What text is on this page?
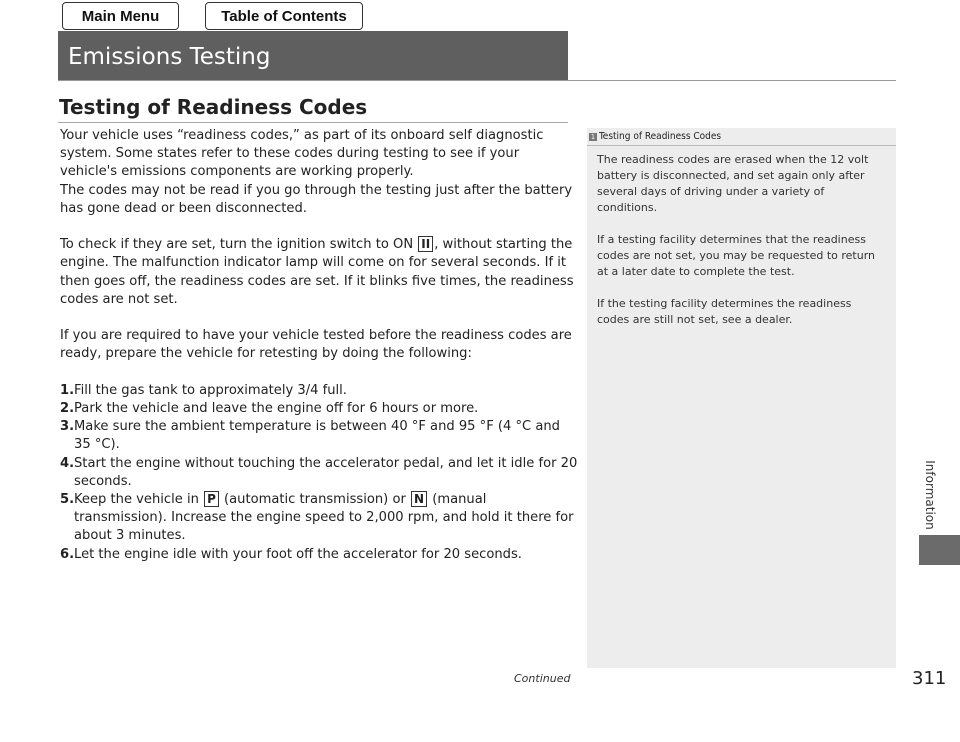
Main Menu	Table of Contents
Emissions Testing
Testing of Readiness Codes

Your vehicle uses “readiness codes,” as part of its onboard self diagnostic system. Some states refer to these codes during testing to see if your vehicle's emissions components are working properly.

The codes may not be read if you go through the testing just after the battery has gone dead or been disconnected.

To check if they are set, turn the ignition switch to ON II , without starting the engine. The malfunction indicator lamp will come on for several seconds. If it then goes off, the readiness codes are set. If it blinks five times, the readiness codes are not set.

If you are required to have your vehicle tested before the readiness codes are ready, prepare the vehicle for retesting by doing the following:

1. Fill the gas tank to approximately 3/4 full.
2. Park the vehicle and leave the engine off for 6 hours or more.
3. Make sure the ambient temperature is between 40 °F and 95 °F (4 °C and 35 °C).
4. Start the engine without touching the accelerator pedal, and let it idle for 20 seconds.
5. Keep the vehicle in P (automatic transmission) or N (manual transmission). Increase the engine speed to 2,000 rpm, and hold it there for about 3 minutes.
6. Let the engine idle with your foot off the accelerator for 20 seconds.
1 Testing of Readiness Codes

The readiness codes are erased when the 12 volt battery is disconnected, and set again only after several days of driving under a variety of conditions.

If a testing facility determines that the readiness codes are not set, you may be requested to return at a later date to complete the test.

If the testing facility determines the readiness codes are still not set, see a dealer.

Information
Continued	311
